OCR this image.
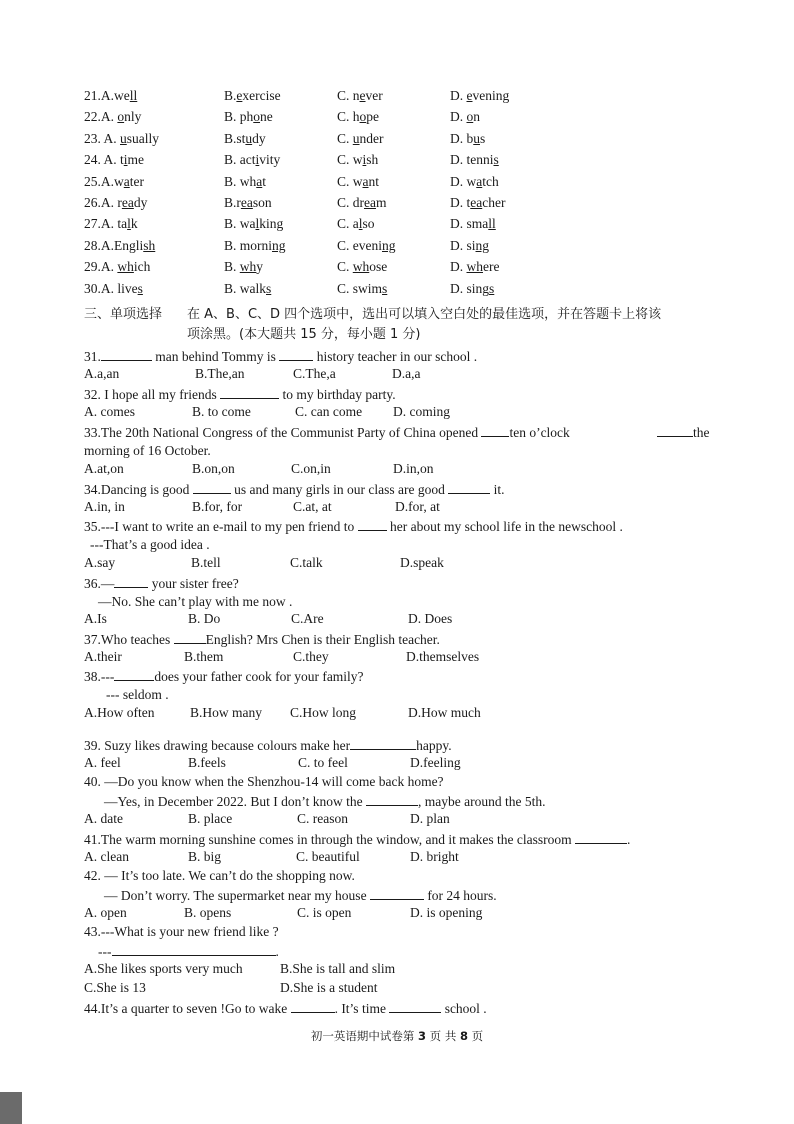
21.A.well	B.exercise	C. never	D. evening
22.A. only	B. phone	C. hope	D. on
23. A. usually	B.study	C. under	D. bus
24. A. time	B. activity	C. wish	D. tennis
25.A.water	B. what	C. want	D. watch
26.A. ready	B.reason	C. dream	D. teacher
27.A. talk	B. walking	C. also	D. small
28.A.English	B. morning	C. evening	D. sing
29.A. which	B. why	C. whose	D. where
30.A. lives	B. walks	C. swims	D. sings
三、单项选择 在 A、B、C、D 四个选项中，选出可以填入空白处的最佳选项，并在答题卡上将该
项涂黑。(本大题共 15 分，每小题 1 分)
31.	man behind Tommy is	history teacher in our school .
A.a,an	B.The,an	C.The,a	D.a,a
32. I hope all my friends	to my birthday party.
A. comes	B. to come	C. can come D. coming
33.The 20th National Congress of the Communist Party of China opened ten o’clock	the
morning of 16 October.
A.at,on	B.on,on	C.on,in	D.in,on
34.Dancing is good	us and many girls in our class are good	it.
A.in, in	B.for, for	C.at, at	D.for, at
35.---I want to write an e-mail to my pen friend to  her about my school life in the newschool .
---That’s a good idea .
A.say	B.tell	C.talk	D.speak
36.—	your sister free?
—No. She can’t play with me now .
A.Is	B. Do	C.Are	D. Does
37.Who teaches English? Mrs Chen is their English teacher.
A.their	B.them	C.they	D.themselves
38.---	does your father cook for your family?
--- seldom .
A.How often	B.How many C.How long	D.How much
39. Suzy likes drawing because colours make her	happy.
A. feel	B.feels	C. to feel	D.feeling
40. —Do you know when the Shenzhou-14 will come back home?
—Yes, in December 2022. But I don’t know the	, maybe around the 5th.
A. date	B. place	C. reason	D. plan
41.The warm morning sunshine comes in through the window, and it makes the classroom	.
A. clean	B. big	C. beautiful	D. bright
42. — It’s too late. We can’t do the shopping now.
— Don’t worry. The supermarket near my house	for 24 hours.
A. open	B. opens	C. is open	D. is opening
43.---What is your new friend like ?
---	.
A.She likes sports very much	B.She is tall and slim
C.She is 13	D.She is a student
44.It’s a quarter to seven !Go to wake	. It’s time	school .
初一英语期中试卷第 3 页 共 8 页
